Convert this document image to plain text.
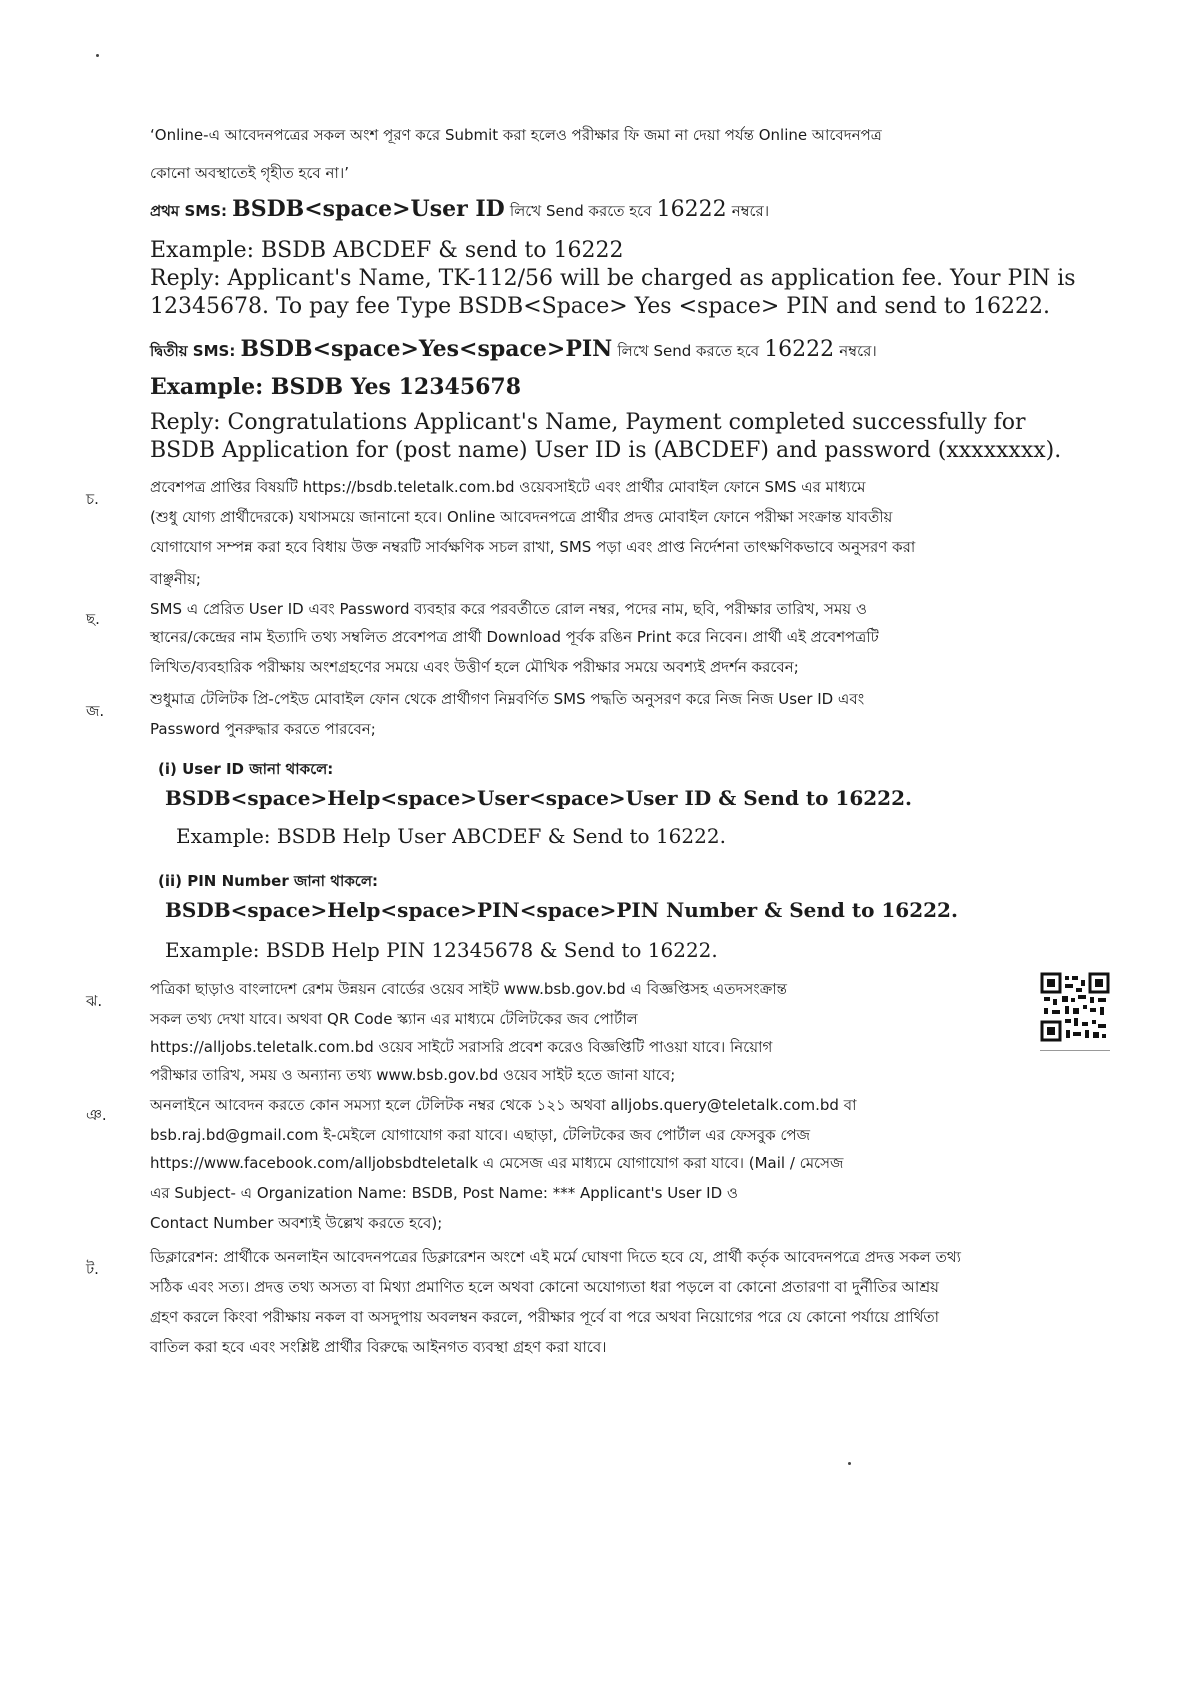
‘Online-এ আবেদনপত্রের সকল অংশ পূরণ করে Submit করা হলেও পরীক্ষার ফি জমা না দেয়া পর্যন্ত Online আবেদনপত্র
কোনো অবস্থাতেই গৃহীত হবে না।’
প্রথম SMS: BSDB<space>User ID লিখে Send করতে হবে 16222 নম্বরে।
Example: BSDB ABCDEF & send to 16222
Reply: Applicant's Name, TK-112/56 will be charged as application fee. Your PIN is
12345678. To pay fee Type BSDB<Space> Yes <space> PIN and send to 16222.
দ্বিতীয় SMS: BSDB<space>Yes<space>PIN লিখে Send করতে হবে 16222 নম্বরে।
Example: BSDB Yes 12345678
Reply: Congratulations Applicant's Name, Payment completed successfully for
BSDB Application for (post name) User ID is (ABCDEF) and password (xxxxxxxx).
চ.
প্রবেশপত্র প্রাপ্তির বিষয়টি https://bsdb.teletalk.com.bd ওয়েবসাইটে এবং প্রার্থীর মোবাইল ফোনে SMS এর মাধ্যমে
(শুধু যোগ্য প্রার্থীদেরকে) যথাসময়ে জানানো হবে। Online আবেদনপত্রে প্রার্থীর প্রদত্ত মোবাইল ফোনে পরীক্ষা সংক্রান্ত যাবতীয়
যোগাযোগ সম্পন্ন করা হবে বিধায় উক্ত নম্বরটি সার্বক্ষণিক সচল রাখা, SMS পড়া এবং প্রাপ্ত নির্দেশনা তাৎক্ষণিকভাবে অনুসরণ করা
বাঞ্ছনীয়;
ছ.
SMS এ প্রেরিত User ID এবং Password ব্যবহার করে পরবর্তীতে রোল নম্বর, পদের নাম, ছবি, পরীক্ষার তারিখ, সময় ও
স্থানের/কেন্দ্রের নাম ইত্যাদি তথ্য সম্বলিত প্রবেশপত্র প্রার্থী Download পূর্বক রঙিন Print করে নিবেন। প্রার্থী এই প্রবেশপত্রটি
লিখিত/ব্যবহারিক পরীক্ষায় অংশগ্রহণের সময়ে এবং উত্তীর্ণ হলে মৌখিক পরীক্ষার সময়ে অবশ্যই প্রদর্শন করবেন;
জ.
শুধুমাত্র টেলিটক প্রি-পেইড মোবাইল ফোন থেকে প্রার্থীগণ নিম্নবর্ণিত SMS পদ্ধতি অনুসরণ করে নিজ নিজ User ID এবং
Password পুনরুদ্ধার করতে পারবেন;
(i) User ID জানা থাকলে:
BSDB<space>Help<space>User<space>User ID & Send to 16222.
Example: BSDB Help User ABCDEF & Send to 16222.
(ii) PIN Number জানা থাকলে:
BSDB<space>Help<space>PIN<space>PIN Number & Send to 16222.
Example: BSDB Help PIN 12345678 & Send to 16222.
ঝ.
পত্রিকা ছাড়াও বাংলাদেশ রেশম উন্নয়ন বোর্ডের ওয়েব সাইট www.bsb.gov.bd এ বিজ্ঞপ্তিসহ এতদসংক্রান্ত
সকল তথ্য দেখা যাবে। অথবা QR Code স্ক্যান এর মাধ্যমে টেলিটকের জব পোর্টাল
https://alljobs.teletalk.com.bd ওয়েব সাইটে সরাসরি প্রবেশ করেও বিজ্ঞপ্তিটি পাওয়া যাবে। নিয়োগ
পরীক্ষার তারিখ, সময় ও অন্যান্য তথ্য www.bsb.gov.bd ওয়েব সাইট হতে জানা যাবে;
ঞ.
অনলাইনে আবেদন করতে কোন সমস্যা হলে টেলিটক নম্বর থেকে ১২১ অথবা alljobs.query@teletalk.com.bd বা
bsb.raj.bd@gmail.com ই-মেইলে যোগাযোগ করা যাবে। এছাড়া, টেলিটকের জব পোর্টাল এর ফেসবুক পেজ
https://www.facebook.com/alljobsbdteletalk এ মেসেজ এর মাধ্যমে যোগাযোগ করা যাবে। (Mail / মেসেজ
এর Subject- এ Organization Name: BSDB, Post Name: *** Applicant's User ID ও
Contact Number অবশ্যই উল্লেখ করতে হবে);
ট.
ডিক্লারেশন: প্রার্থীকে অনলাইন আবেদনপত্রের ডিক্লারেশন অংশে এই মর্মে ঘোষণা দিতে হবে যে, প্রার্থী কর্তৃক আবেদনপত্রে প্রদত্ত সকল তথ্য
সঠিক এবং সত্য। প্রদত্ত তথ্য অসত্য বা মিথ্যা প্রমাণিত হলে অথবা কোনো অযোগ্যতা ধরা পড়লে বা কোনো প্রতারণা বা দুর্নীতির আশ্রয়
গ্রহণ করলে কিংবা পরীক্ষায় নকল বা অসদুপায় অবলম্বন করলে, পরীক্ষার পূর্বে বা পরে অথবা নিয়োগের পরে যে কোনো পর্যায়ে প্রার্থিতা
বাতিল করা হবে এবং সংশ্লিষ্ট প্রার্থীর বিরুদ্ধে আইনগত ব্যবস্থা গ্রহণ করা যাবে।
